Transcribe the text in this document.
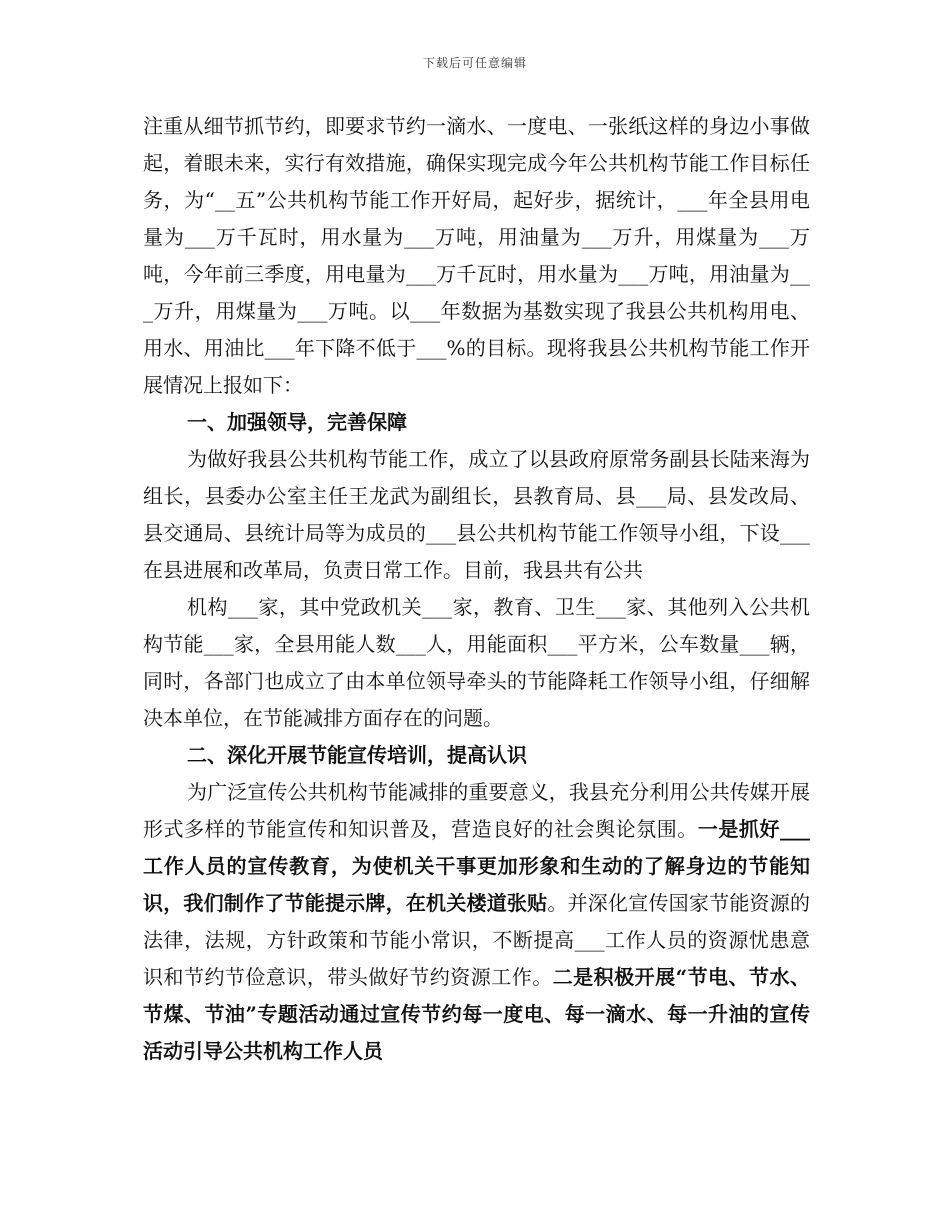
下载后可任意编辑

注重从细节抓节约，即要求节约一滴水、一度电、一张纸这样的身边小事做起，着眼未来，实行有效措施，确保实现完成今年公共机构节能工作目标任务，为“__五”公共机构节能工作开好局，起好步，据统计，___年全县用电量为___万千瓦时，用水量为___万吨，用油量为___万升，用煤量为___万吨，今年前三季度，用电量为___万千瓦时，用水量为___万吨，用油量为___万升，用煤量为___万吨。以___年数据为基数实现了我县公共机构用电、用水、用油比___年下降不低于___%的目标。现将我县公共机构节能工作开展情况上报如下：

一、加强领导，完善保障

为做好我县公共机构节能工作，成立了以县政府原常务副县长陆来海为组长，县委办公室主任王龙武为副组长，县教育局、县___局、县发改局、县交通局、县统计局等为成员的___县公共机构节能工作领导小组，下设___在县进展和改革局，负责日常工作。目前，我县共有公共

机构___家，其中党政机关___家，教育、卫生___家、其他列入公共机构节能___家，全县用能人数___人，用能面积___平方米，公车数量___辆，同时，各部门也成立了由本单位领导牵头的节能降耗工作领导小组，仔细解决本单位，在节能减排方面存在的问题。

二、深化开展节能宣传培训，提高认识

为广泛宣传公共机构节能减排的重要意义，我县充分利用公共传媒开展形式多样的节能宣传和知识普及，营造良好的社会舆论氛围。一是抓好___工作人员的宣传教育，为使机关干事更加形象和生动的了解身边的节能知识，我们制作了节能提示牌，在机关楼道张贴。并深化宣传国家节能资源的法律，法规，方针政策和节能小常识，不断提高___工作人员的资源忧患意识和节约节俭意识，带头做好节约资源工作。二是积极开展“节电、节水、节煤、节油”专题活动通过宣传节约每一度电、每一滴水、每一升油的宣传活动引导公共机构工作人员
